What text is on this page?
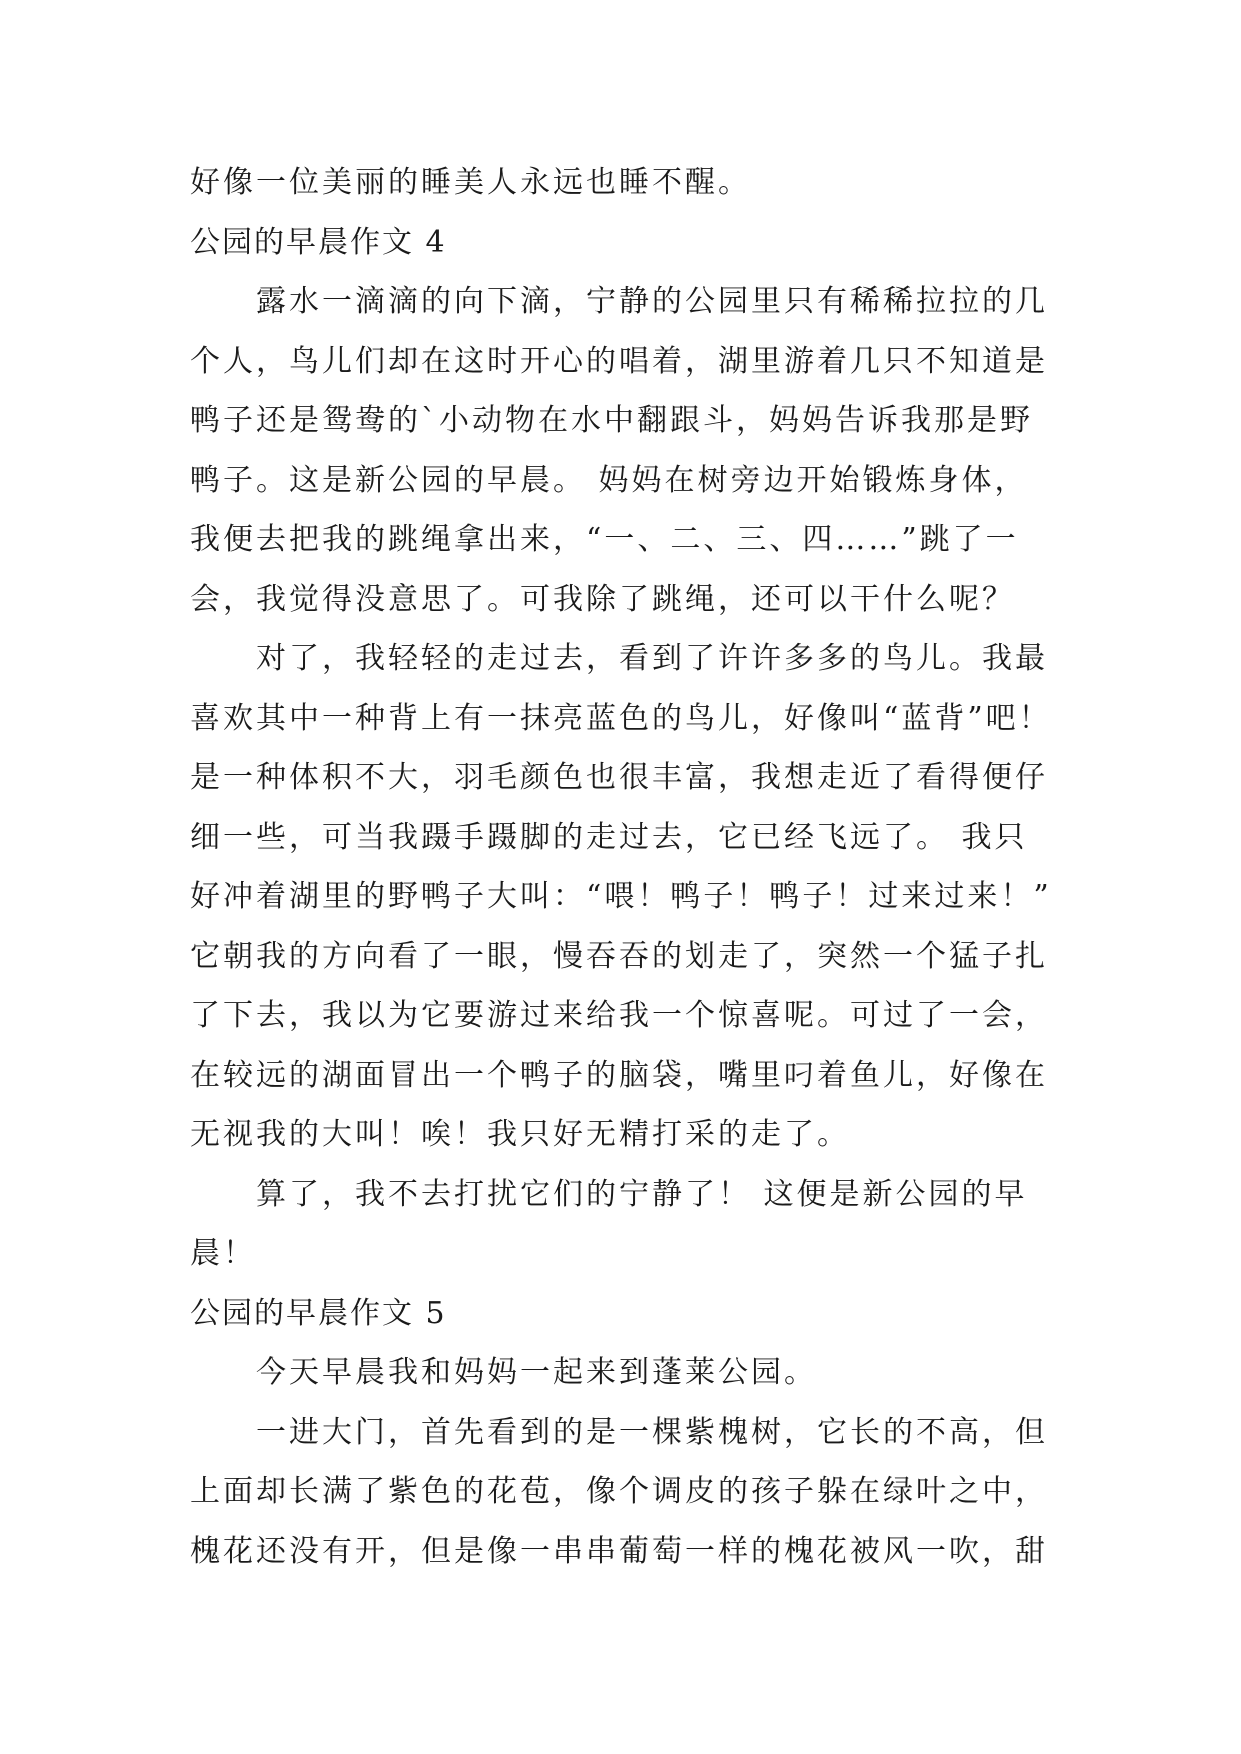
好像一位美丽的睡美人永远也睡不醒。
公园的早晨作文 4
露水一滴滴的向下滴，宁静的公园里只有稀稀拉拉的几
个人，鸟儿们却在这时开心的唱着，湖里游着几只不知道是
鸭子还是鸳鸯的`小动物在水中翻跟斗，妈妈告诉我那是野
鸭子。这是新公园的早晨。 妈妈在树旁边开始锻炼身体，
我便去把我的跳绳拿出来，“一、二、三、四……”跳了一
会，我觉得没意思了。可我除了跳绳，还可以干什么呢？
对了，我轻轻的走过去，看到了许许多多的鸟儿。我最
喜欢其中一种背上有一抹亮蓝色的鸟儿，好像叫“蓝背”吧！
是一种体积不大，羽毛颜色也很丰富，我想走近了看得便仔
细一些，可当我蹑手蹑脚的走过去，它已经飞远了。 我只
好冲着湖里的野鸭子大叫：“喂！鸭子！鸭子！过来过来！”
它朝我的方向看了一眼，慢吞吞的划走了，突然一个猛子扎
了下去，我以为它要游过来给我一个惊喜呢。可过了一会，
在较远的湖面冒出一个鸭子的脑袋，嘴里叼着鱼儿，好像在
无视我的大叫！唉！我只好无精打采的走了。
算了，我不去打扰它们的宁静了！ 这便是新公园的早
晨！
公园的早晨作文 5
今天早晨我和妈妈一起来到蓬莱公园。
一进大门，首先看到的是一棵紫槐树，它长的不高，但
上面却长满了紫色的花苞，像个调皮的孩子躲在绿叶之中，
槐花还没有开，但是像一串串葡萄一样的槐花被风一吹，甜
